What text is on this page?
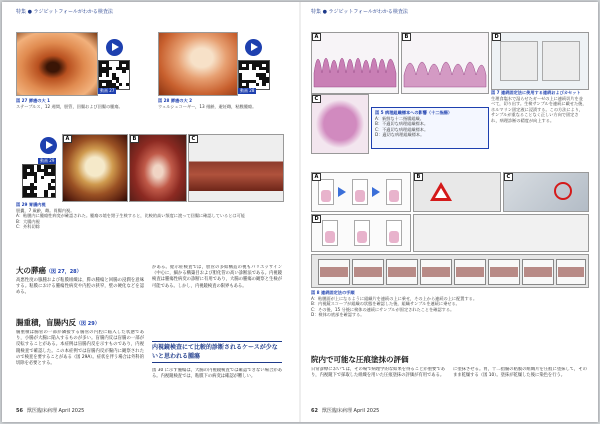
特集 ● ラジピットフォールがわかる検査法
動画 27
図 27 膵癌の大 1
ステープルス，12 週間，胆管，回腸および回腸の腫瘍。
動画 28
図 28 膵癌の大 2
ウェルシュコーギー，13 週齢，避妊雌，粘膜腫瘍。
動画 29
A	B	C
図 29 胃腸内視
胆嚢，7 歳齢，雌。胃腸内視。
A：粘膜内に腫瘍性病変が確認された。腫瘍の境を鉗子生検すると，比較的高い頻度に渡って回腸に確認しているとは可能
B：大腸内視
C：外科切除
大の膵癌（図 27，28）
高悪性度の腺腫および粘膜組織は，膵の腫瘍と回腸の浸潤を意味する。粘膜における腫瘍性病変や内腔の狭窄，壁の硬化などを認める。
腸重積，盲腸内反（図 29）
腸重積は腸管の一部が隣接する腸管の内腔に陥入した状態であり，小腸が大腸に陥入するものが多い。盲腸内反は盲腸の一部が反転することがある。本症例は盲腸内反を示すものであり，内視鏡検査で確認した。この本症例では盲腸内反が腸内に観察されたので検査を要することがある（図 29A）。症状を伴う場合は外科的切除を必要とする。
かある。経示症検査では，胆管の多結構造の視もパリエッサイン（中心に，細かる構築目および胆化管の高い診断法である。内視鏡検査は腫瘍性病変の診断に有用であり，大腸の腫瘍の観察と生検が可能である。しかし，内視鏡検査の限界もある。
内視鏡検査にて比較的診断されるケースが少ないと思われる腫瘍
図 30 に示す腫瘍は，大腸の内視鏡検査では確認できない場合がある。内視鏡検査では，粘膜下の病変は確認が難しい。
56 獣医臨床病理 April 2025
特集 ● ラジピットフォールがわかる検査法
A	B
C
図 5 病理組織標本への影響（十二指腸）
A：新鮮な十二指腸組織。
B：不適切な病理組織標本。
C：不適切な病理組織標本。
D：適切な病理組織標本。
D
図 7 連続固定法に使用する連続およびカセット
生理食塩水で湿らせたガーゼの上に連続切片を並べて，切り出す。生検サンプルを連続に載せた後，ホルマリン固定液に浸漬する。この方法により，サンプルが重なることなく正しい方向で固定され，病理診断の精度が向上する。
A	B	C
D
図 8 連続固定法の手順
A：粘膜面が上になるように組織片を連続の上に乗せ，その上から連続の上に配置する。
B：内視鏡スコープが組織の状態を確認した後，組織サンプルを連続に乗せる。
C：その後，15 分後に検体の連続にサンプルが固定されたことを確認する。
D：検体の底部を確認する。
院内で可能な圧痕塗抹の評価
日常診療においては，その場で病理学的な結果を得ることが重要であり，内視鏡下で採取した組織を用いた圧痕塗抹の評価が有用である。
に塗抹させる。胃，十二指腸の粘膜の組織片を圧痕に塗抹して，そのまま乾燥する（図 10）。塗抹が乾燥した後に染色を行う。
62 獣医臨床病理 April 2025
